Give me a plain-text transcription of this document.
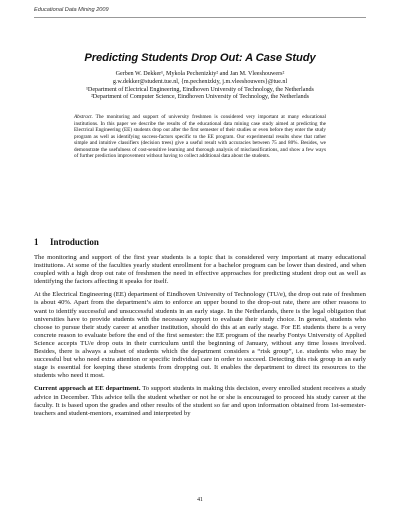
Educational Data Mining 2009
Predicting Students Drop Out: A Case Study
Gerben W. Dekker¹, Mykola Pechenizkiy² and Jan M. Vleeshouwers²
g.w.dekker@student.tue.nl, {m.pechenizkiy, j.m.vleeshouwers}@tue.nl
¹Department of Electrical Engineering, Eindhoven University of Technology, the Netherlands
²Department of Computer Science, Eindhoven University of Technology, the Netherlands
Abstract. The monitoring and support of university freshmen is considered very important at many educational institutions. In this paper we describe the results of the educational data mining case study aimed at predicting the Electrical Engineering (EE) students drop out after the first semester of their studies or even before they enter the study program as well as identifying success-factors specific to the EE program. Our experimental results show that rather simple and intuitive classifiers (decision trees) give a useful result with accuracies between 75 and 80%. Besides, we demonstrate the usefulness of cost-sensitive learning and thorough analysis of misclassifications, and show a few ways of further prediction improvement without having to collect additional data about the students.
1 Introduction

The monitoring and support of the first year students is a topic that is considered very important at many educational institutions. At some of the faculties yearly student enrollment for a bachelor program can be lower than desired, and when coupled with a high drop out rate of freshmen the need in effective approaches for predicting student drop out as well as identifying the factors affecting it speaks for itself.

At the Electrical Engineering (EE) department of Eindhoven University of Technology (TU/e), the drop out rate of freshmen is about 40%. Apart from the department’s aim to enforce an upper bound to the drop-out rate, there are other reasons to want to identify successful and unsuccessful students in an early stage. In the Netherlands, there is the legal obligation that universities have to provide students with the necessary support to evaluate their study choice. In general, students who choose to pursue their study career at another institution, should do this at an early stage. For EE students there is a very concrete reason to evaluate before the end of the first semester: the EE program of the nearby Fontys University of Applied Science accepts TU/e drop outs in their curriculum until the beginning of January, without any time losses involved. Besides, there is always a subset of students which the department considers a “risk group”, i.e. students who may be successful but who need extra attention or specific individual care in order to succeed. Detecting this risk group in an early stage is essential for keeping these students from dropping out. It enables the department to direct its resources to the students who need it most.

Current approach at EE department. To support students in making this decision, every enrolled student receives a study advice in December. This advice tells the student whether or not he or she is encouraged to proceed his study career at the faculty. It is based upon the grades and other results of the student so far and upon information obtained from 1st-semester-teachers and student-mentors, examined and interpreted by

41
